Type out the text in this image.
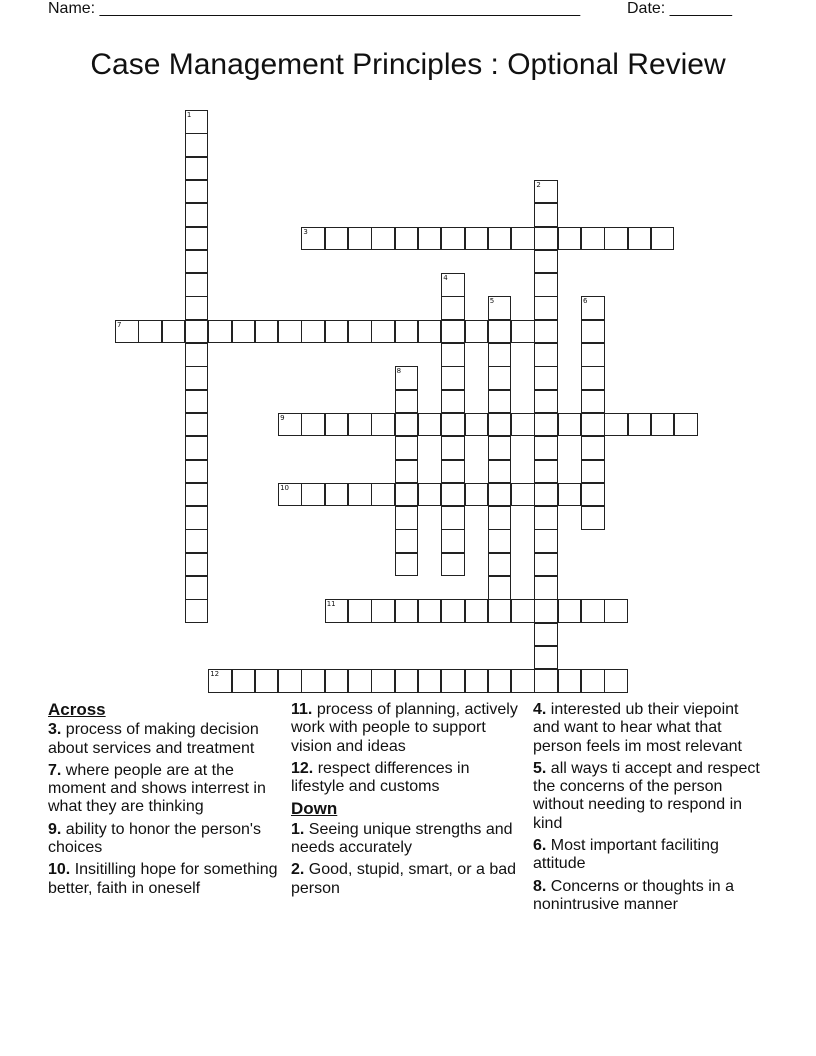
Name: ______________________________________________________	Date: _______
Case Management Principles : Optional Review
1
2
3
4
5	6
7
8
9
10
11
12
Across
3. process of making decision about services and treatment
7. where people are at the moment and shows interrest in what they are thinking
9. ability to honor the person's choices
10. Insitilling hope for something better, faith in oneself
11. process of planning, actively work with people to support vision and ideas
12. respect differences in lifestyle and customs
Down
1. Seeing unique strengths and needs accurately
2. Good, stupid, smart, or a bad person
4. interested ub their viepoint and want to hear what that person feels im most relevant
5. all ways ti accept and respect the concerns of the person without needing to respond in kind
6. Most important faciliting attitude
8. Concerns or thoughts in a nonintrusive manner
